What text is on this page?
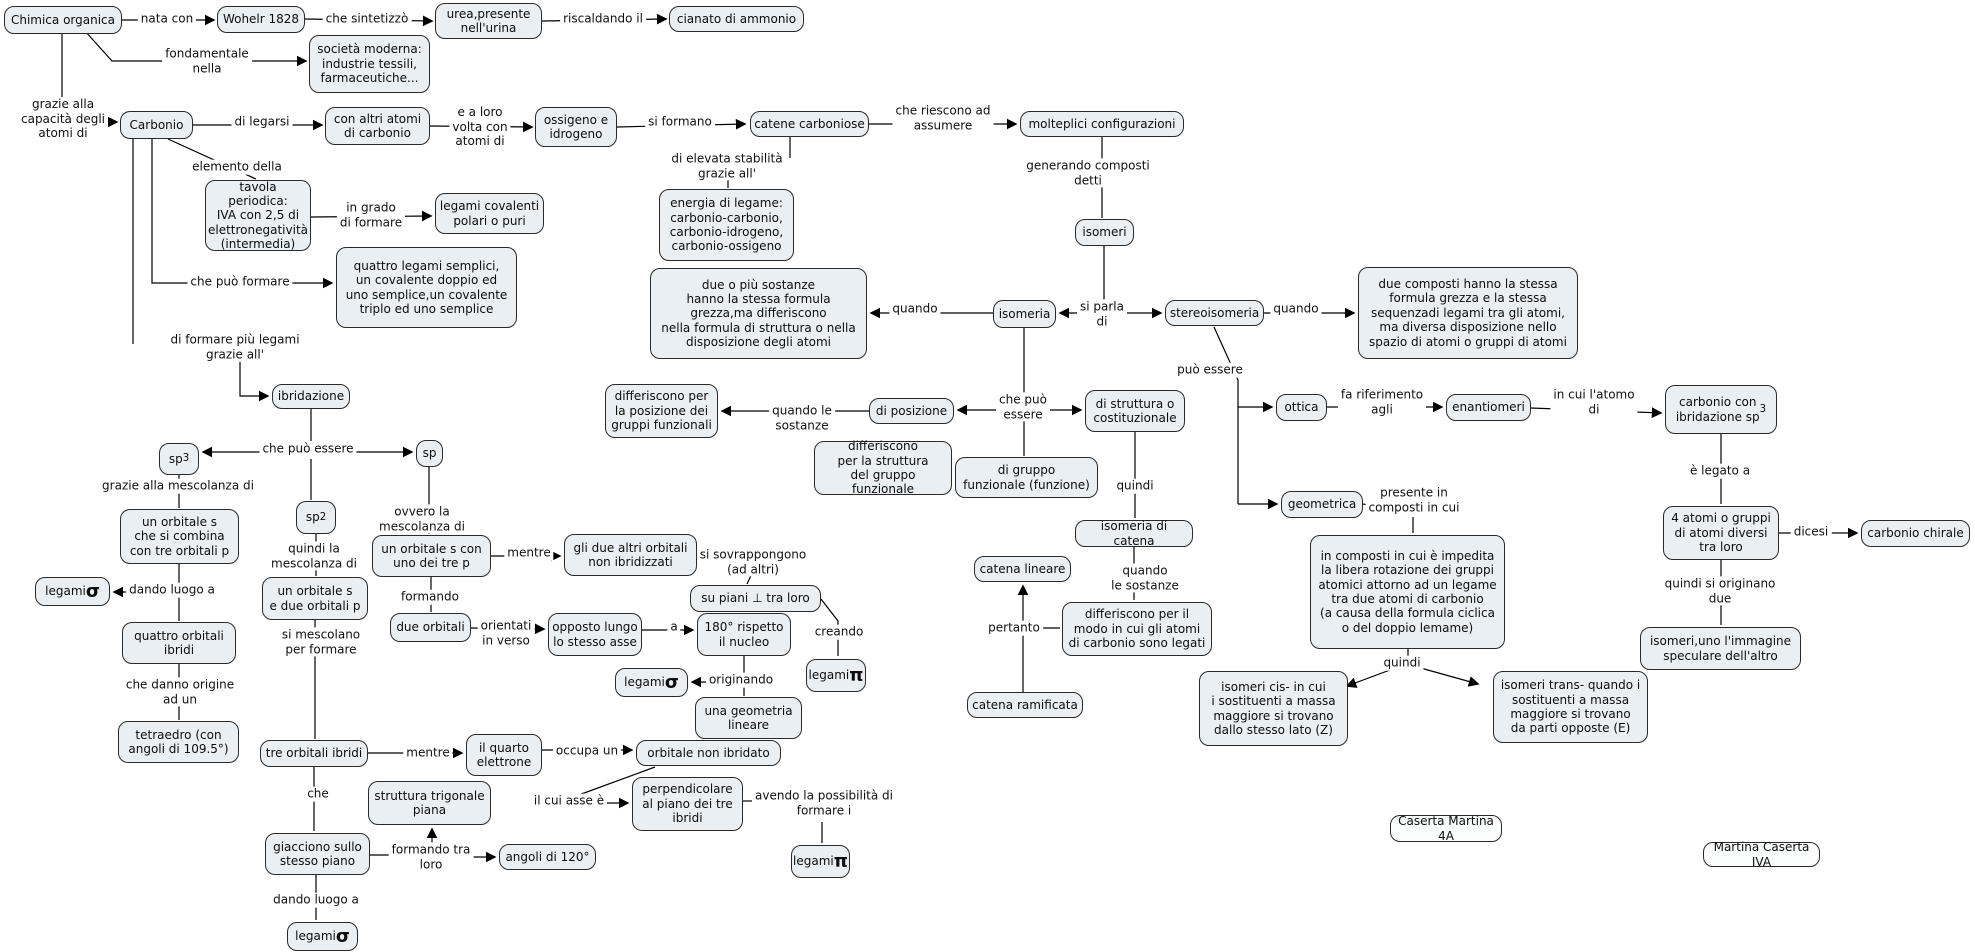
Chimica organica	Wohelr 1828	urea,presente
nell'urina
cianato di ammonio
società moderna:
industrie tessili,
farmaceutiche...
Carbonio	con altri atomi
di carbonio
ossigeno e
idrogeno
catene carboniose	molteplici configurazioni
tavola periodica:
IVA con 2,5 di
elettronegatività
(intermedia)
legami covalenti
polari o puri
energia di legame:
carbonio-carbonio,
carbonio-idrogeno,
carbonio-ossigeno
quattro legami semplici,
un covalente doppio ed
uno semplice,un covalente
triplo ed uno semplice
isomeri
isomeria	stereoisomeria
due o più sostanze
hanno la stessa formula
grezza,ma differiscono
nella formula di struttura o nella
disposizione degli atomi
due composti hanno la stessa
formula grezza e la stessa
sequenzadi legami tra gli atomi,
ma diversa disposizione nello
spazio di atomi o gruppi di atomi
ibridazione
sp 3	sp
sp 2
un orbitale s
che si combina
con tre orbitali p
legami σ
quattro orbitali
ibridi
tetraedro (con
angoli di 109.5°)
un orbitale s
e due orbitali p
tre orbitali ibridi
un orbitale s con
uno dei tre p
gli due altri orbitali
non ibridizzati
su piani ⊥ tra loro
due orbitali	opposto lungo
lo stesso asse
180° rispetto
il nucleo
legami π
legami σ
una geometria
lineare
il quarto
elettrone
orbitale non ibridato
perpendicolare
al piano dei tre
ibridi
legami π
struttura trigonale
piana
giacciono sullo
stesso piano	angoli di 120°
legami σ
differiscono per
la posizione dei
gruppi funzionali
di posizione
di struttura o
costituzionale
differiscono
per la struttura
del gruppo funzionale
di gruppo
funzionale (funzione)
isomeria di catena
catena lineare
differiscono per il
modo in cui gli atomi
di carbonio sono legati
catena ramificata
ottica	enantiomeri	carbonio con
ibridazione sp
3
4 atomi o gruppi
di atomi diversi
tra loro
carbonio chirale
isomeri,uno l'immagine
speculare dell'altro
geometrica
in composti in cui è impedita
la libera rotazione dei gruppi
atomici attorno ad un legame
tra due atomi di carbonio
(a causa della formula ciclica
o del doppio lemame)
isomeri cis- in cui
i sostituenti a massa
maggiore si trovano
dallo stesso lato (Z)
isomeri trans- quando i
sostituenti a massa
maggiore si trovano
da parti opposte (E)
Caserta Martina 4A
Martina Caserta IVA
nata con	che sintetizzò	riscaldando il
fondamentale
nella
grazie alla
capacità degli
atomi di
di legarsi
e a loro
volta con
atomi di
si formano
che riescono ad
assumere
elemento della
in grado
di formare
di elevata stabilità
grazie all'
che può formare
generando composti
detti
si parla
di
quando	quando
di formare più legami
grazie all'
che può essere
grazie alla mescolanza di
ovvero la
mescolanza di
quindi la
mescolanza di
dando luogo a
che danno origine
ad un
si mescolano
per formare
mentre	si sovrappongono
(ad altri)
formando
orientati
in verso
a	creando
originando
mentre	occupa un
il cui asse è	avendo la possibilità di
formare i
che
formando tra
loro
dando luogo a
quando le
sostanze
che può
essere
quindi
quando
le sostanze
pertanto
può essere
fa riferimento
agli
in cui l'atomo
di
è legato a
dicesi
quindi si originano
due
presente in
composti in cui
quindi
